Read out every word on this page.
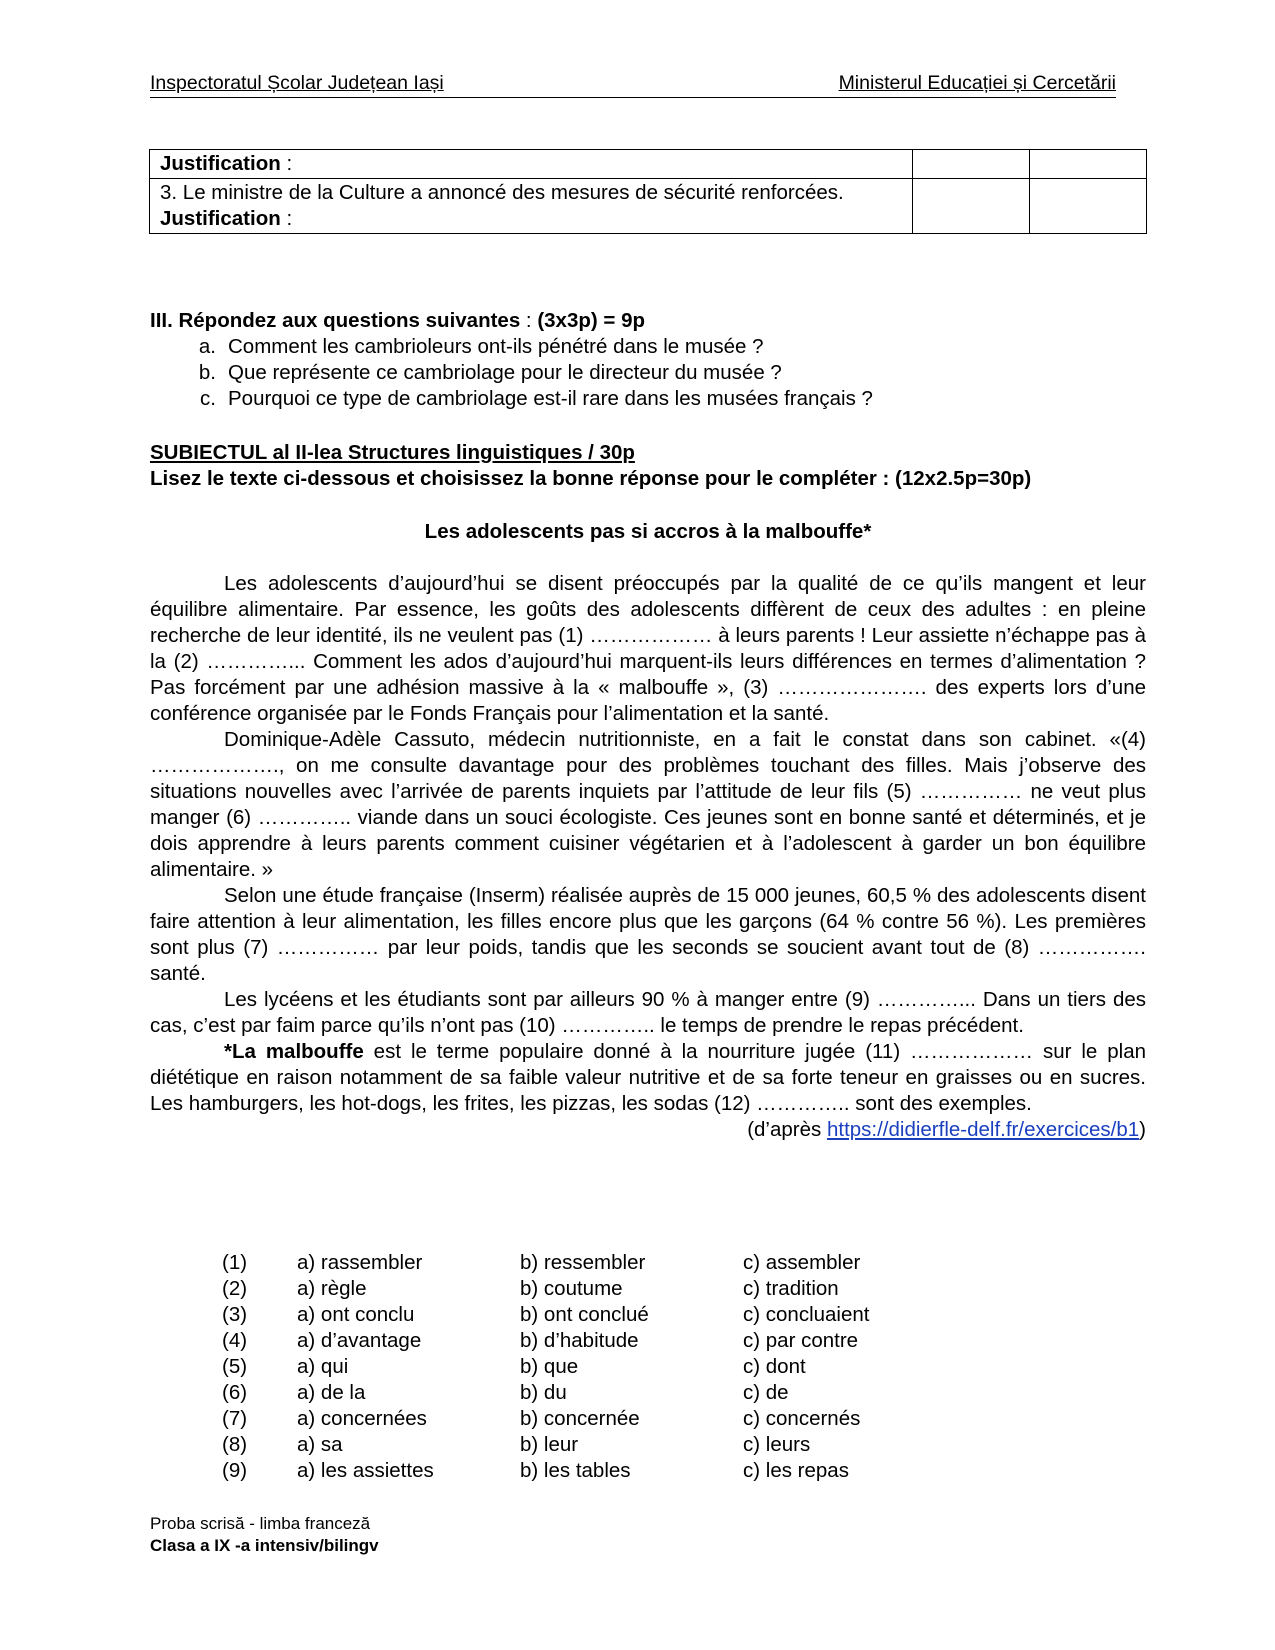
Inspectoratul Școlar Județean Iași	Ministerul Educației și Cercetării
Justification :		

3. Le ministre de la Culture a annoncé des mesures de sécurité renforcées.
Justification :		

III. Répondez aux questions suivantes : (3x3p) = 9p
a. Comment les cambrioleurs ont-ils pénétré dans le musée ?
b. Que représente ce cambriolage pour le directeur du musée ?
c. Pourquoi ce type de cambriolage est-il rare dans les musées français ?
SUBIECTUL al II-lea Structures linguistiques / 30p
Lisez le texte ci-dessous et choisissez la bonne réponse pour le compléter : (12x2.5p=30p)
Les adolescents pas si accros à la malbouffe*

Les adolescents d’aujourd’hui se disent préoccupés par la qualité de ce qu’ils mangent et leur équilibre alimentaire. Par essence, les goûts des adolescents diffèrent de ceux des adultes : en pleine recherche de leur identité, ils ne veulent pas (1) ……………… à leurs parents ! Leur assiette n’échappe pas à la (2) …………... Comment les ados d’aujourd’hui marquent-ils leurs différences en termes d’alimentation ? Pas forcément par une adhésion massive à la « malbouffe », (3) …………………. des experts lors d’une conférence organisée par le Fonds Français pour l’alimentation et la santé.

Dominique-Adèle Cassuto, médecin nutritionniste, en a fait le constat dans son cabinet. «(4) ………………., on me consulte davantage pour des problèmes touchant des filles. Mais j’observe des situations nouvelles avec l’arrivée de parents inquiets par l’attitude de leur fils (5) …………… ne veut plus manger (6) ………….. viande dans un souci écologiste. Ces jeunes sont en bonne santé et déterminés, et je dois apprendre à leurs parents comment cuisiner végétarien et à l’adolescent à garder un bon équilibre alimentaire. »

Selon une étude française (Inserm) réalisée auprès de 15 000 jeunes, 60,5 % des adolescents disent faire attention à leur alimentation, les filles encore plus que les garçons (64 % contre 56 %). Les premières sont plus (7) …………… par leur poids, tandis que les seconds se soucient avant tout de (8) ……………. santé.

Les lycéens et les étudiants sont par ailleurs 90 % à manger entre (9) …………... Dans un tiers des cas, c’est par faim parce qu’ils n’ont pas (10) ………….. le temps de prendre le repas précédent.

*La malbouffe est le terme populaire donné à la nourriture jugée (11) ……………… sur le plan diététique en raison notamment de sa faible valeur nutritive et de sa forte teneur en graisses ou en sucres. Les hamburgers, les hot-dogs, les frites, les pizzas, les sodas (12) ………….. sont des exemples.

(d’après https://didierfle-delf.fr/exercices/b1)
(1)	a) rassembler	b) ressembler	c) assembler
(2)	a) règle	b) coutume	c) tradition
(3)	a) ont conclu	b) ont conclué	c) concluaient
(4)	a) d’avantage	b) d’habitude	c) par contre
(5)	a) qui	b) que	c) dont
(6)	a) de la	b) du	c) de
(7)	a) concernées	b) concernée	c) concernés
(8)	a) sa	b) leur	c) leurs
(9)	a) les assiettes	b) les tables	c) les repas
Proba scrisă - limba franceză
Clasa a IX -a intensiv/bilingv
